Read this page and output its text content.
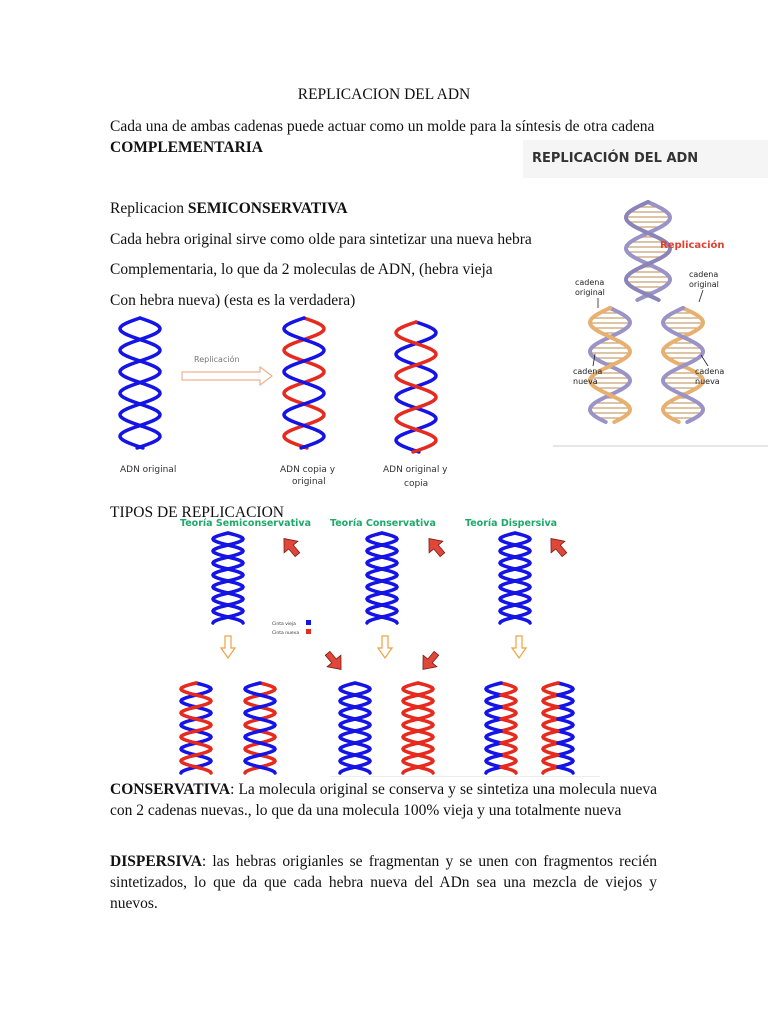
REPLICACION DEL ADN

Cada una de ambas cadenas puede actuar como un molde para la síntesis de otra cadena COMPLEMENTARIA

Replicacion SEMICONSERVATIVA

Cada hebra original sirve como olde para sintetizar una nueva hebra

Complementaria, lo que da 2 moleculas de ADN, (hebra vieja

Con hebra nueva) (esta es la verdadera)

REPLICACIÓN DEL ADN
Replicación
cadena
original
cadena
original
cadena
nueva
cadena
nueva
Replicación
ADN original	ADN copia y
original
ADN original y
copia
TIPOS DE REPLICACION
Teoría Semiconservativa Teoría Conservativa	Teoría Dispersiva
Cinta vieja
Cinta nueva

CONSERVATIVA: La molecula original se conserva y se sintetiza una molecula nueva con 2 cadenas nuevas., lo que da una molecula 100% vieja y una totalmente nueva

DISPERSIVA: las hebras origianles se fragmentan y se unen con fragmentos recién sintetizados, lo que da que cada hebra nueva del ADn sea una mezcla de viejos y nuevos.
